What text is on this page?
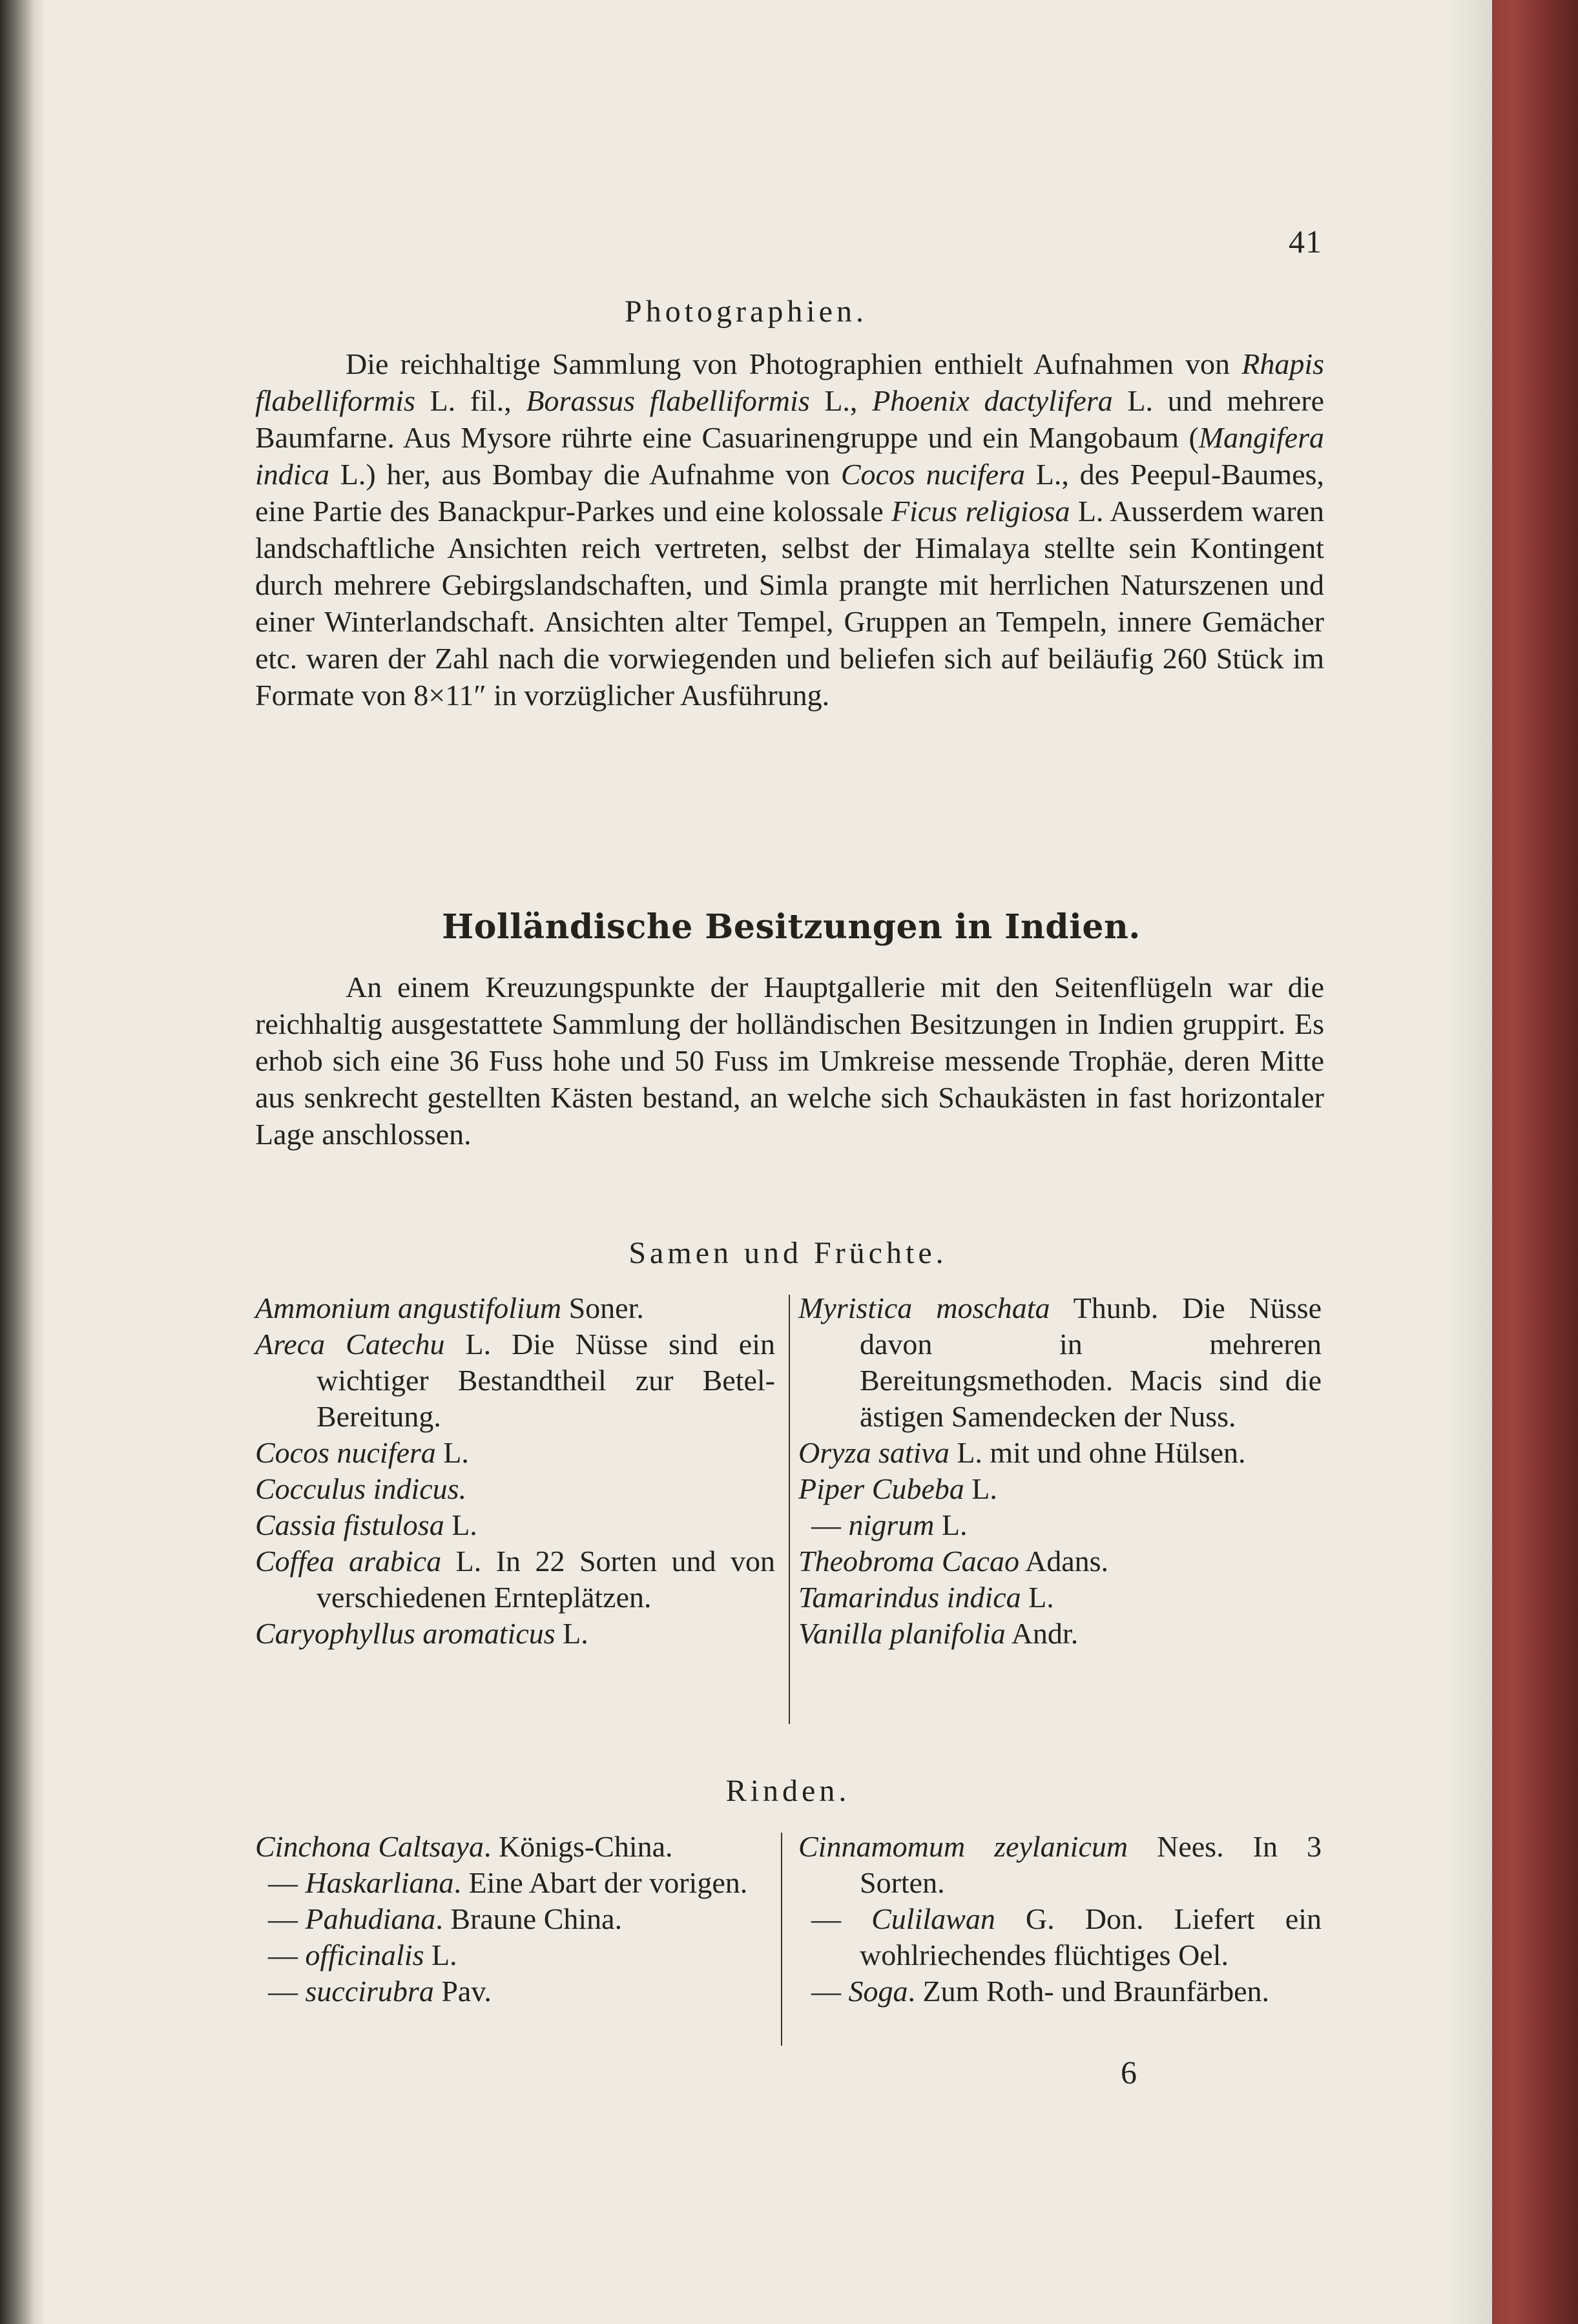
41
Photographien.

Die reichhaltige Sammlung von Photographien enthielt Aufnahmen von Rhapis flabelliformis L. fil., Borassus flabelliformis L., Phoenix dactylifera L. und mehrere Baumfarne. Aus Mysore rührte eine Casuarinengruppe und ein Mangobaum (Mangifera indica L.) her, aus Bombay die Aufnahme von Cocos nucifera L., des Peepul-Baumes, eine Partie des Banackpur-Parkes und eine kolossale Ficus religiosa L. Ausserdem waren landschaftliche Ansichten reich vertreten, selbst der Himalaya stellte sein Kontingent durch mehrere Gebirgslandschaften, und Simla prangte mit herrlichen Naturszenen und einer Winterlandschaft. Ansichten alter Tempel, Gruppen an Tempeln, innere Gemächer etc. waren der Zahl nach die vorwiegenden und beliefen sich auf beiläufig 260 Stück im Formate von 8×11″ in vorzüglicher Ausführung.

Holländische Besitzungen in Indien.

An einem Kreuzungspunkte der Hauptgallerie mit den Seitenflügeln war die reichhaltig ausgestattete Sammlung der holländischen Besitzungen in Indien gruppirt. Es erhob sich eine 36 Fuss hohe und 50 Fuss im Umkreise messende Trophäe, deren Mitte aus senkrecht gestellten Kästen bestand, an welche sich Schaukästen in fast horizontaler Lage anschlossen.

Samen und Früchte.

Ammonium angustifolium Soner.

Areca Catechu L. Die Nüsse sind ein wichtiger Bestandtheil zur Betel-Bereitung.

Cocos nucifera L.

Cocculus indicus.

Cassia fistulosa L.

Coffea arabica L. In 22 Sorten und von verschiedenen Ernteplätzen.

Caryophyllus aromaticus L.

Myristica moschata Thunb. Die Nüsse davon in mehreren Bereitungsmethoden. Macis sind die ästigen Samendecken der Nuss.

Oryza sativa L. mit und ohne Hülsen.

Piper Cubeba L.

— nigrum L.

Theobroma Cacao Adans.

Tamarindus indica L.

Vanilla planifolia Andr.

Rinden.

Cinchona Caltsaya. Königs-China.

— Haskarliana. Eine Abart der vorigen.

— Pahudiana. Braune China.

— officinalis L.

— succirubra Pav.

Cinnamomum zeylanicum Nees. In 3 Sorten.

— Culilawan G. Don. Liefert ein wohlriechendes flüchtiges Oel.

— Soga. Zum Roth- und Braunfärben.

6
